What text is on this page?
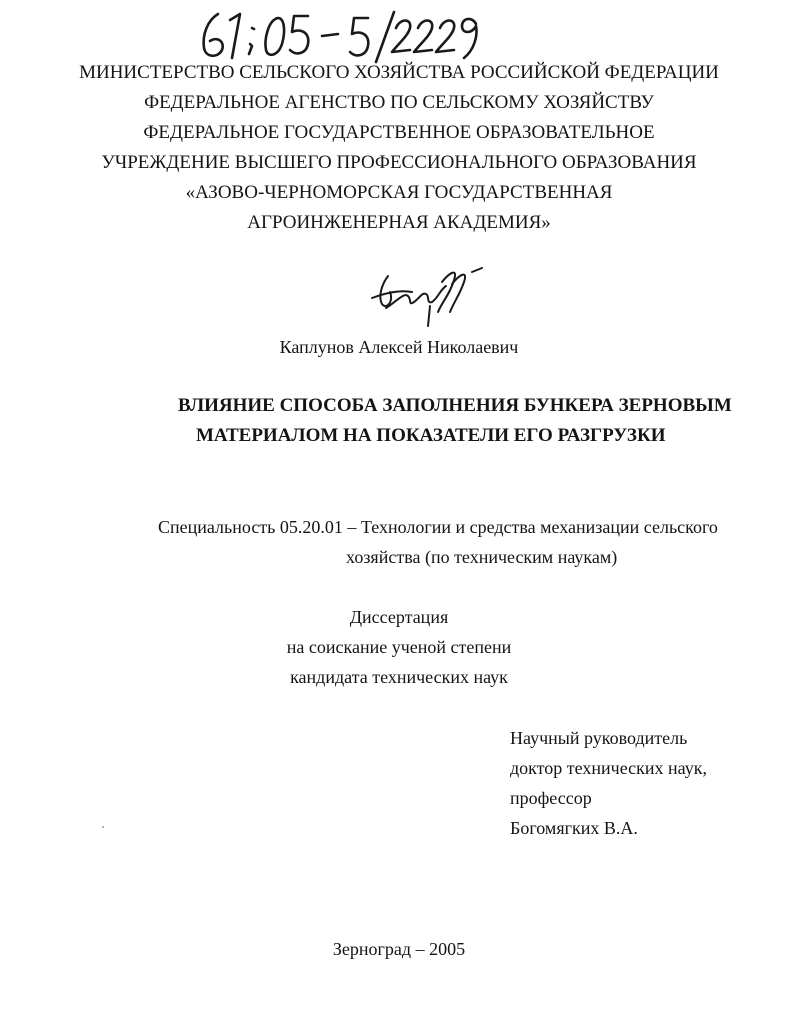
МИНИСТЕРСТВО СЕЛЬСКОГО ХОЗЯЙСТВА РОССИЙСКОЙ ФЕДЕРАЦИИ
ФЕДЕРАЛЬНОЕ АГЕНСТВО ПО СЕЛЬСКОМУ ХОЗЯЙСТВУ
ФЕДЕРАЛЬНОЕ ГОСУДАРСТВЕННОЕ ОБРАЗОВАТЕЛЬНОЕ
УЧРЕЖДЕНИЕ ВЫСШЕГО ПРОФЕССИОНАЛЬНОГО ОБРАЗОВАНИЯ
«АЗОВО-ЧЕРНОМОРСКАЯ ГОСУДАРСТВЕННАЯ
АГРОИНЖЕНЕРНАЯ АКАДЕМИЯ»
Каплунов Алексей Николаевич
ВЛИЯНИЕ СПОСОБА ЗАПОЛНЕНИЯ БУНКЕРА ЗЕРНОВЫМ
МАТЕРИАЛОМ НА ПОКАЗАТЕЛИ ЕГО РАЗГРУЗКИ
Специальность 05.20.01 – Технологии и средства механизации сельского
хозяйства (по техническим наукам)
Диссертация
на соискание ученой степени
кандидата технических наук
Научный руководитель
доктор технических наук,
профессор
Богомягких В.А.
Зерноград – 2005
